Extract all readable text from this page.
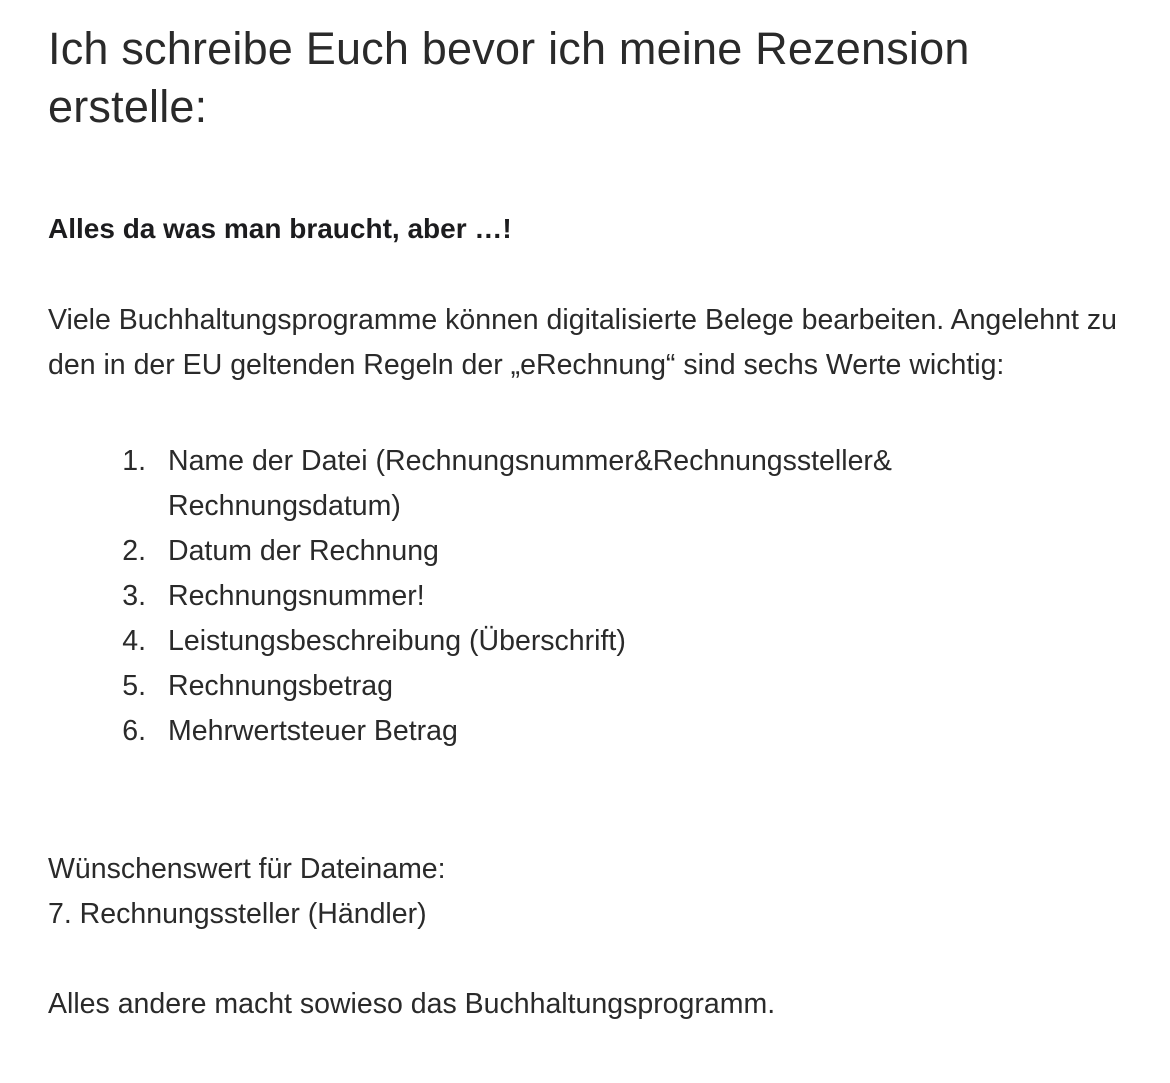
Ich schreibe Euch bevor ich meine Rezension erstelle:

Alles da was man braucht, aber …!

Viele Buchhaltungsprogramme können digitalisierte Belege bearbeiten. Angelehnt zu den in der EU geltenden Regeln der „eRechnung“ sind sechs Werte wichtig:

1. Name der Datei (Rechnungsnummer&Rechnungssteller& Rechnungsdatum)
2. Datum der Rechnung
3. Rechnungsnummer!
4. Leistungsbeschreibung (Überschrift)
5. Rechnungsbetrag
6. Mehrwertsteuer Betrag

Wünschenswert für Dateiname:

7. Rechnungssteller (Händler)

Alles andere macht sowieso das Buchhaltungsprogramm.
